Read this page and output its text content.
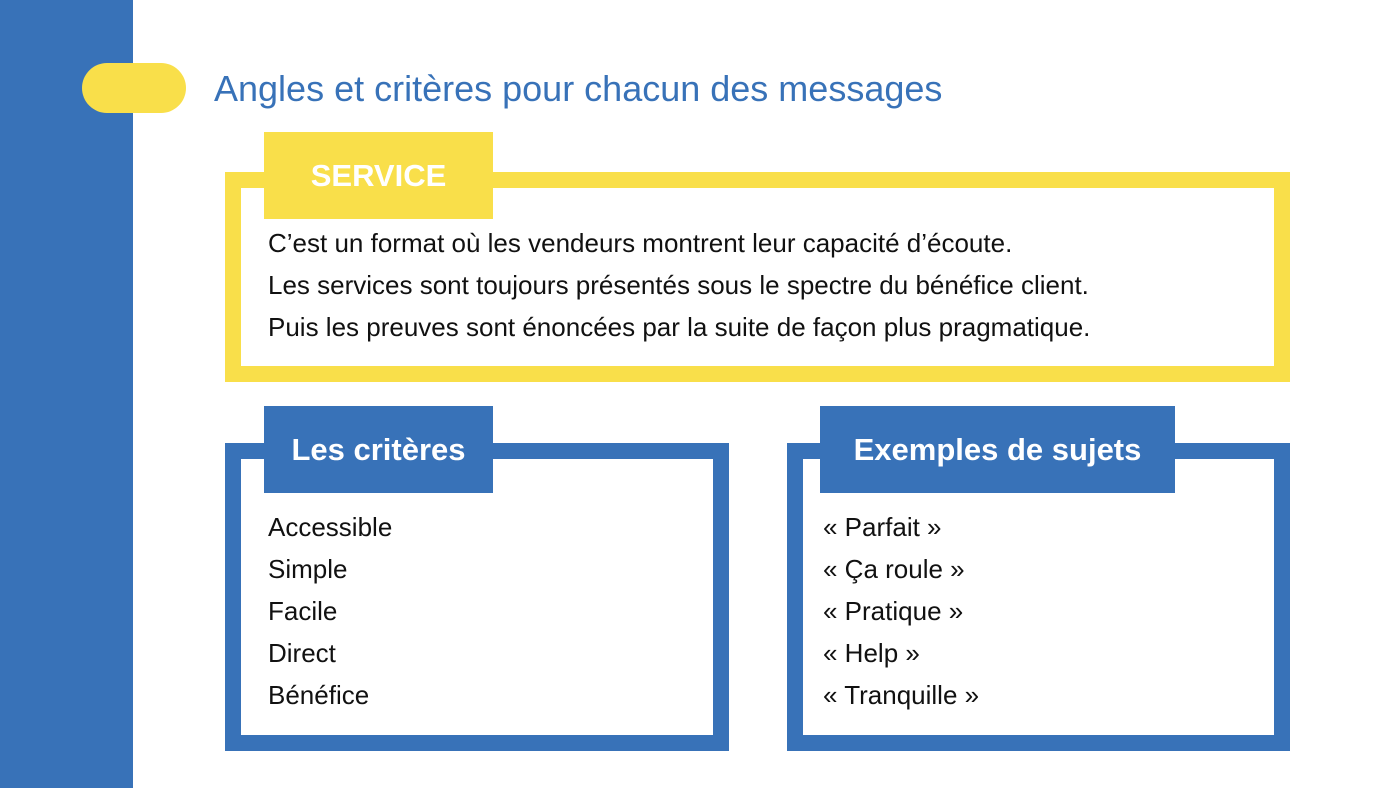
Angles et critères pour chacun des messages
SERVICE
C’est un format où les vendeurs montrent leur capacité d’écoute.
Les services sont toujours présentés sous le spectre du bénéfice client.
Puis les preuves sont énoncées par la suite de façon plus pragmatique.
Les critères
Accessible
Simple
Facile
Direct
Bénéfice
Exemples de sujets
« Parfait »
« Ça roule »
« Pratique »
« Help »
« Tranquille »
